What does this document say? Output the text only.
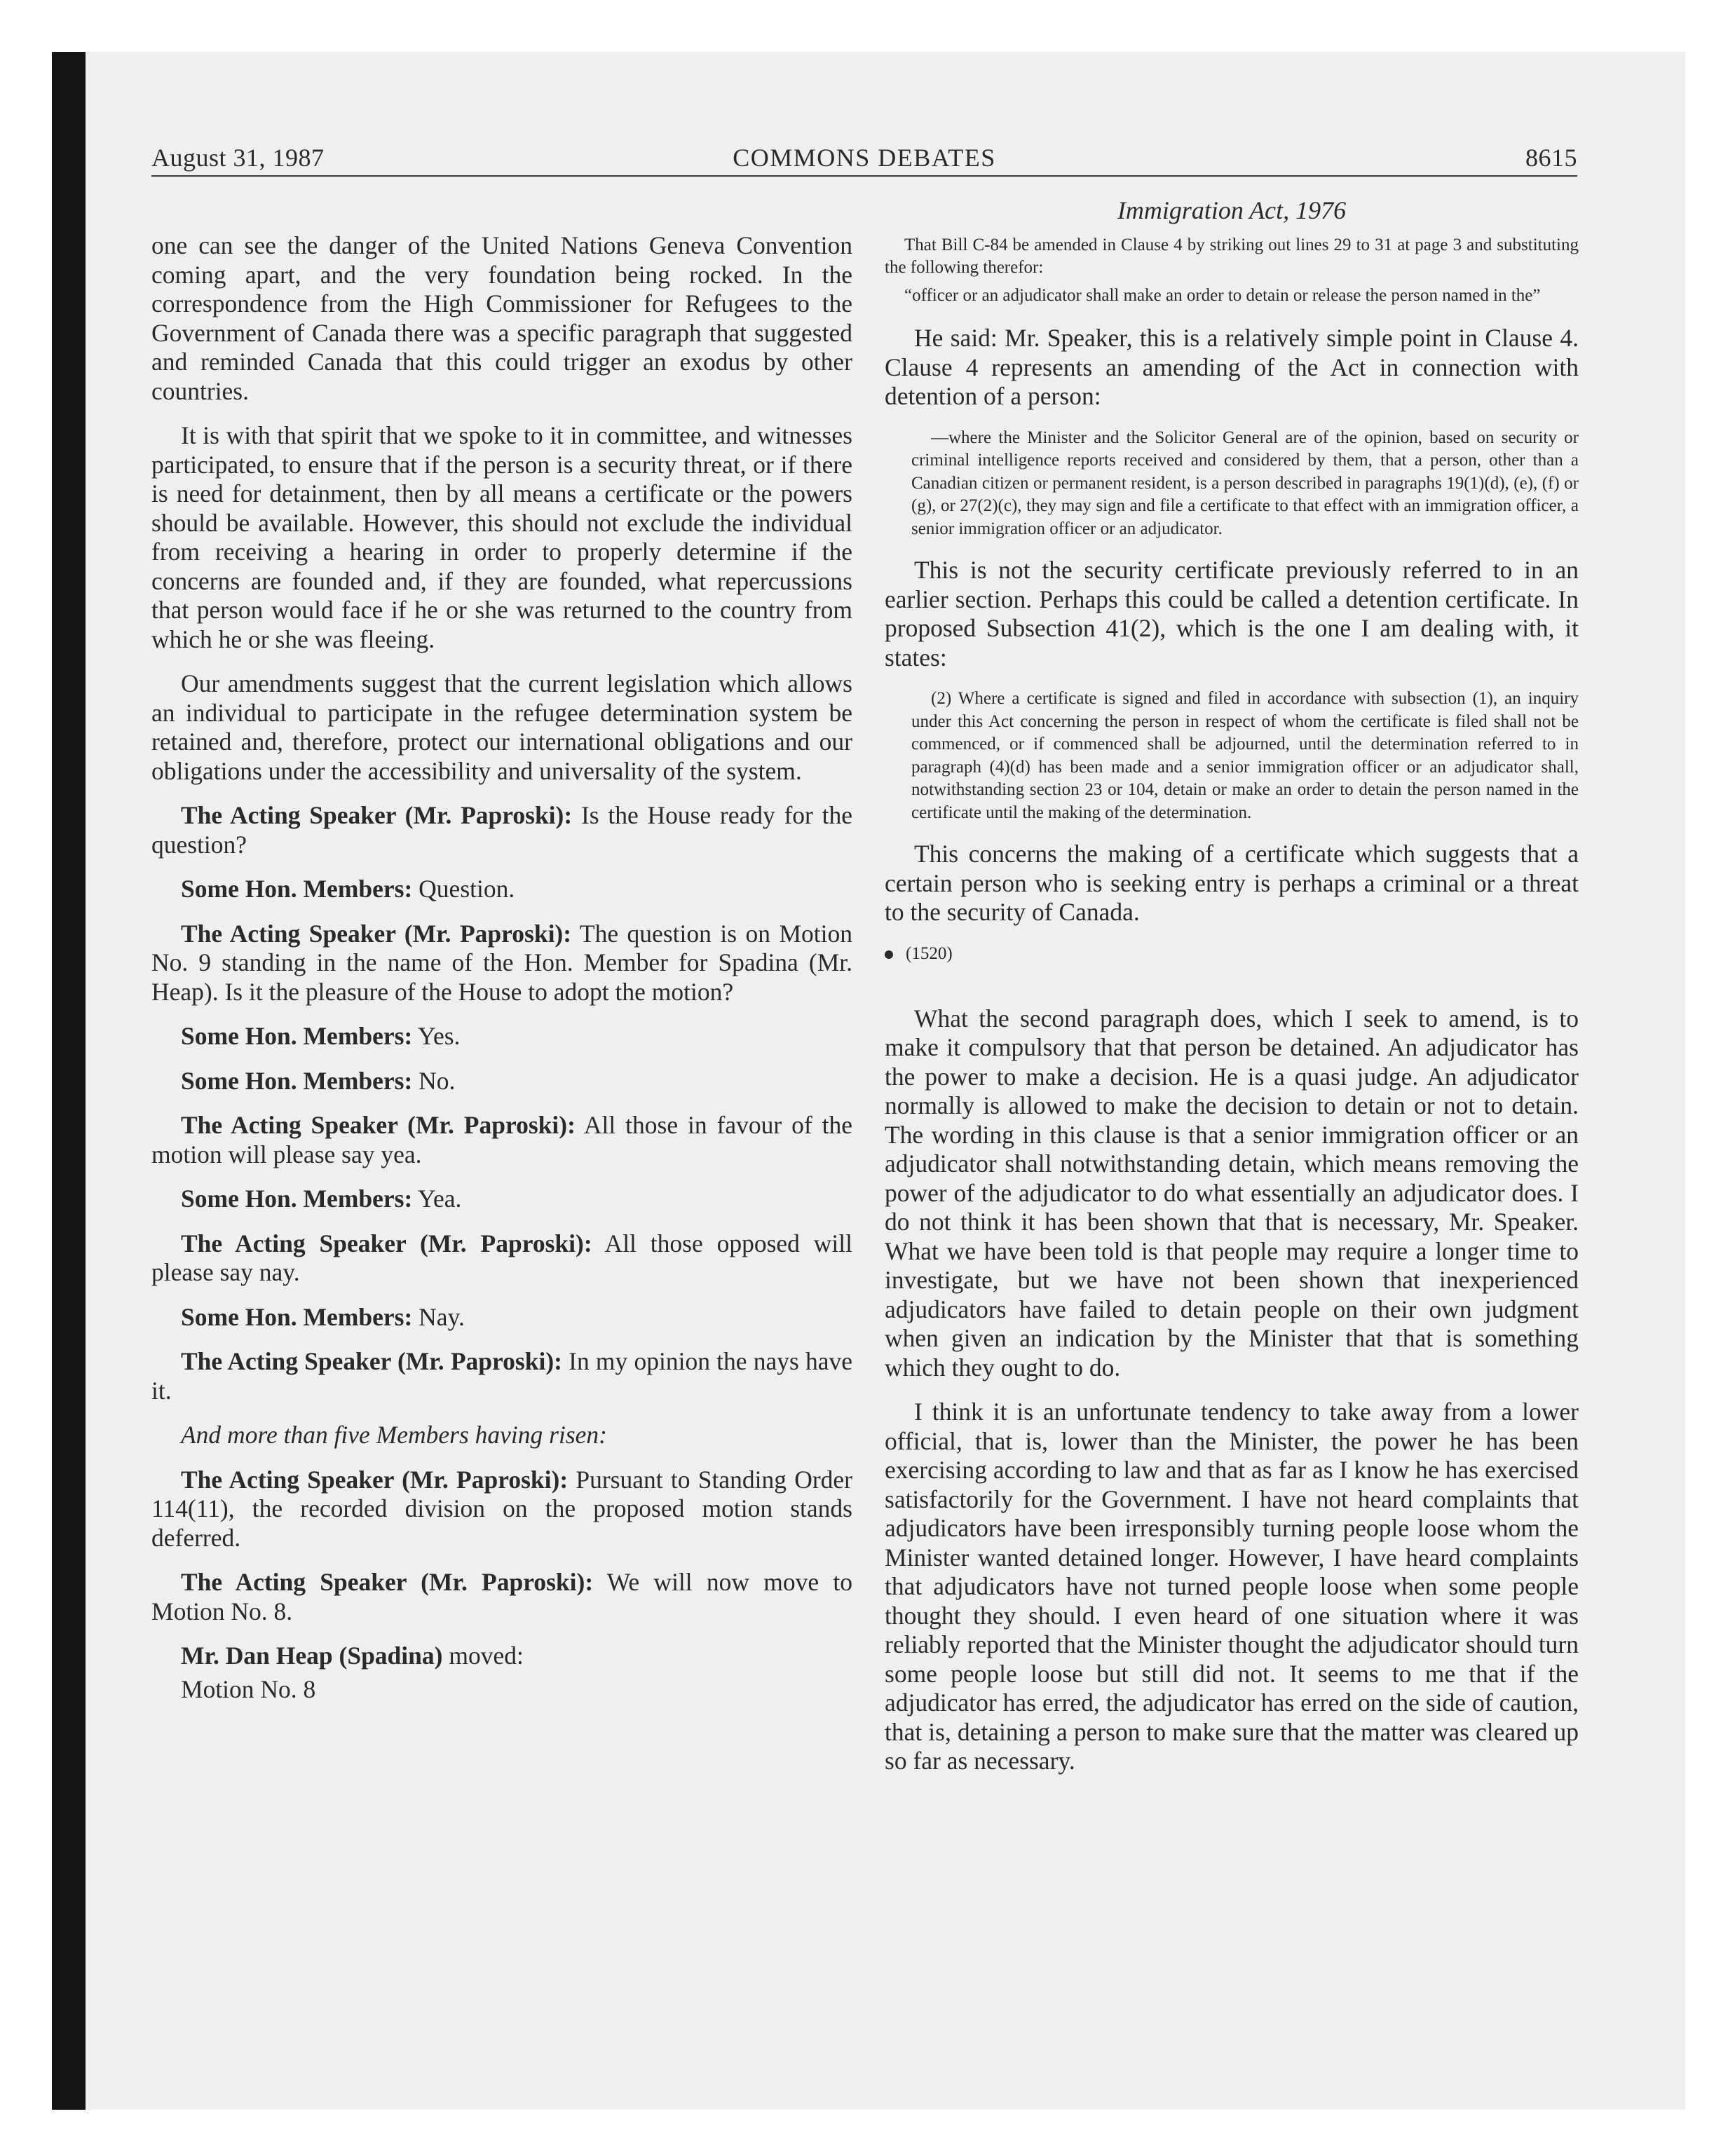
August 31, 1987	COMMONS DEBATES	8615

one can see the danger of the United Nations Geneva Convention coming apart, and the very foundation being rocked. In the correspondence from the High Commissioner for Refugees to the Government of Canada there was a specific paragraph that suggested and reminded Canada that this could trigger an exodus by other countries.

It is with that spirit that we spoke to it in committee, and witnesses participated, to ensure that if the person is a security threat, or if there is need for detainment, then by all means a certificate or the powers should be available. However, this should not exclude the individual from receiving a hearing in order to properly determine if the concerns are founded and, if they are founded, what repercussions that person would face if he or she was returned to the country from which he or she was fleeing.

Our amendments suggest that the current legislation which allows an individual to participate in the refugee determination system be retained and, therefore, protect our international obligations and our obligations under the accessibility and universality of the system.

The Acting Speaker (Mr. Paproski): Is the House ready for the question?

Some Hon. Members: Question.

The Acting Speaker (Mr. Paproski): The question is on Motion No. 9 standing in the name of the Hon. Member for Spadina (Mr. Heap). Is it the pleasure of the House to adopt the motion?

Some Hon. Members: Yes.

Some Hon. Members: No.

The Acting Speaker (Mr. Paproski): All those in favour of the motion will please say yea.

Some Hon. Members: Yea.

The Acting Speaker (Mr. Paproski): All those opposed will please say nay.

Some Hon. Members: Nay.

The Acting Speaker (Mr. Paproski): In my opinion the nays have it.

And more than five Members having risen:

The Acting Speaker (Mr. Paproski): Pursuant to Standing Order 114(11), the recorded division on the proposed motion stands deferred.

The Acting Speaker (Mr. Paproski): We will now move to Motion No. 8.

Mr. Dan Heap (Spadina) moved:

Motion No. 8

Immigration Act, 1976

That Bill C-84 be amended in Clause 4 by striking out lines 29 to 31 at page 3 and substituting the following therefor:

“officer or an adjudicator shall make an order to detain or release the person named in the”

He said: Mr. Speaker, this is a relatively simple point in Clause 4. Clause 4 represents an amending of the Act in connection with detention of a person:

—where the Minister and the Solicitor General are of the opinion, based on security or criminal intelligence reports received and considered by them, that a person, other than a Canadian citizen or permanent resident, is a person described in paragraphs 19(1)(d), (e), (f) or (g), or 27(2)(c), they may sign and file a certificate to that effect with an immigration officer, a senior immigration officer or an adjudicator.

This is not the security certificate previously referred to in an earlier section. Perhaps this could be called a detention certificate. In proposed Subsection 41(2), which is the one I am dealing with, it states:

(2) Where a certificate is signed and filed in accordance with subsection (1), an inquiry under this Act concerning the person in respect of whom the certificate is filed shall not be commenced, or if commenced shall be adjourned, until the determination referred to in paragraph (4)(d) has been made and a senior immigration officer or an adjudicator shall, notwithstanding section 23 or 104, detain or make an order to detain the person named in the certificate until the making of the determination.

This concerns the making of a certificate which suggests that a certain person who is seeking entry is perhaps a criminal or a threat to the security of Canada.

(1520)

What the second paragraph does, which I seek to amend, is to make it compulsory that that person be detained. An adjudicator has the power to make a decision. He is a quasi judge. An adjudicator normally is allowed to make the decision to detain or not to detain. The wording in this clause is that a senior immigration officer or an adjudicator shall notwithstanding detain, which means removing the power of the adjudicator to do what essentially an adjudicator does. I do not think it has been shown that that is necessary, Mr. Speaker. What we have been told is that people may require a longer time to investigate, but we have not been shown that inexperienced adjudicators have failed to detain people on their own judgment when given an indication by the Minister that that is something which they ought to do.

I think it is an unfortunate tendency to take away from a lower official, that is, lower than the Minister, the power he has been exercising according to law and that as far as I know he has exercised satisfactorily for the Government. I have not heard complaints that adjudicators have been irresponsibly turning people loose whom the Minister wanted detained longer. However, I have heard complaints that adjudicators have not turned people loose when some people thought they should. I even heard of one situation where it was reliably reported that the Minister thought the adjudicator should turn some people loose but still did not. It seems to me that if the adjudicator has erred, the adjudicator has erred on the side of caution, that is, detaining a person to make sure that the matter was cleared up so far as necessary.
